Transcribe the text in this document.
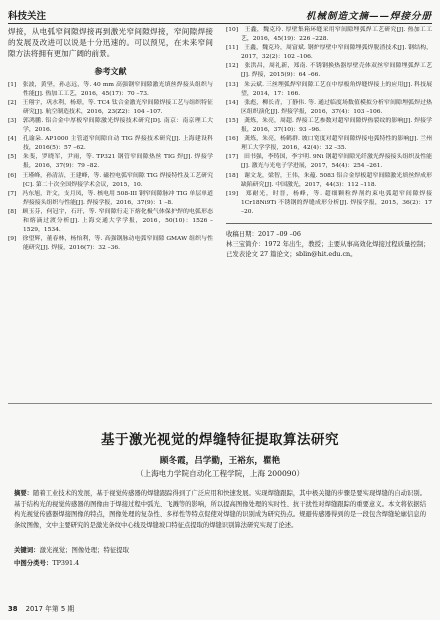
科技关注	机械制造文摘——焊接分册

焊接，从电弧窄间隙焊接再到激光窄间隙焊接，窄间隙焊接的发展及改进可以说是十分迅速的。可以预见，在未来窄间隙方法将拥有更加广阔的前景。

参考文献

[1]　张波，黄坚，孙志远，等. 40 mm 高强钢窄间隙激光填丝焊接头组织与性能[J]. 热加工工艺，2016，45(17)：70 –73.

[2]　王翔宇，巩水利，杨璟，等. TC4 钛合金激光窄间隙焊接工艺与组织特征研究[J]. 航空制造技术，2016，23(Z2)：104 –107.

[3]　郭鸿鹏. 铝合金中厚板窄间隙激光焊接技术研究[D]. 南京：南京理工大学，2016.

[4]　孔谕朵. AP1000 主管道窄间隙自动 TIG 焊接技术研究[J]. 上海建设科技，2016(5)：57 –62.

[5]　朱斐，罗晓军，尹雨，等. TP321 钢管窄间隙热丝 TIG 焊[J]. 焊接学报，2016，37(9)：79 –82.

[6]　王瑾峰，孙清洁，王建峰，等. 磁控电弧窄间隙 TIG 焊接特性及工艺研究[C]. 第二十次全国焊接学术会议，2015，10.

[7]　冯东旭，许文，支月凤，等. 核电用 508-III 钢窄间隙脉冲 TIG 单层单道焊接接头组织与性能[J]. 焊接学报，2016，37(9)：1 –8.

[8]　顾玉芬，何冠宇，石玗，等. 窄间隙行走下熔化极气体保护焊的电弧形态和熔滴过渡分析[J]. 上海交通大学学报，2016，50(10)：1526 –1529，1534.

[9]　徐望辉，董春林，杨怡利，等. 高强钢脉动电弧窄间隙 GMAW 组织与性能研究[J]. 焊接，2016(7)：32 –36.

[10]　王鑫，魏克玲. 厚壁集箱环缝采用窄间隙埋弧焊工艺研究[J]. 热加工工艺，2016，45(19)：226 –228.

[11]　王鑫，魏克玲，周富斌. 钢炉厚壁中窄间隙埋弧焊脱渣技术[J]. 钢结构，2017，32(2)：102 –106.

[12]　张洪昌，周礼新，郑南. 不锈钢换热器厚壁壳体双丝窄间隙埋弧焊工艺[J]. 焊接，2015(9)：64 –66.

[13]　朱云斌. 三丝埋弧焊窄间隙工艺在中厚板角焊缝焊接上的应用[J]. 科技展望，2014，17：166.

[14]　张彪，柳长青，丁静伟. 等. 通过临度场数值模拟分析窄间隙埋弧焊过热区组织演化[J]. 焊接学报，2016，37(4)：103 –106.

[15]　龚炼，朱亮，周超. 焊接工艺参数对超窄间隙焊热裂纹的影响[J]. 焊接学报，2016，37(10)：93 –96.

[16]　龚炼，朱亮，杨鹤群. 坡口宽度对超窄间隙焊接电弧特性的影响[J]. 兰州理工大学学报，2016，42(4)：32 –35.

[17]　田书强，李铸国，李宇明. 9Ni 钢超窄间隙光纤激光焊接接头组织及性能[J]. 激光与光电子学进展，2017，54(4)：254 –261.

[18]　谢文龙，梁智，王伟，朱蕴. 5083 铝合金厚板超窄间隙激光填丝焊成形缺陷研究[J]. 中国激光，2017，44(3)：112 –118.

[19]　郑耐光，时晋，杨峰，等. 超细颗粒焊剂约束电弧超窄间隙焊接 1Cr18Ni9Ti 不锈钢的焊缝成形分析[J]. 焊接学报，2015，36(2)：17 –20.

收稿日期：2017 –09 –06

林三宝简介：1972 年出生，教授；主要从事高效化焊接过程质量控制；已发表论文 27 篇论文；sblin@hit.edu.cn。

基于激光视觉的焊缝特征提取算法研究
顾冬霞，吕学勤，王裕东，瞿艳
（上海电力学院自动化工程学院，上海 200090）

摘要：随着工业技术的发展，基于视觉传感器的焊缝跟踪得到了广泛应用和快速发展。实现焊缝跟踪，其中极关键的步骤是要实现焊缝的自动识别。基于结构光的视觉传感器的图像由于焊接过程中弧光、飞溅等的影响，所以提高图像处理的实时性、抗干扰性对焊缝跟踪的重要意义。本文将依据结构光视觉传感器焊接图像的特点，图像处理的复杂性、多样性等特点促使对焊缝的识别成为研究热点。规避传感器得到的是一段包含焊缝轮廓信息的条纹图像，文中主要研究的是激光条纹中心线及焊缝坡口特征点提取的焊缝识别算法研究实现了论述。

关键词：激光视觉；图像处理；特征提取

中图分类号：TP391.4

38 2017 年第 5 期
